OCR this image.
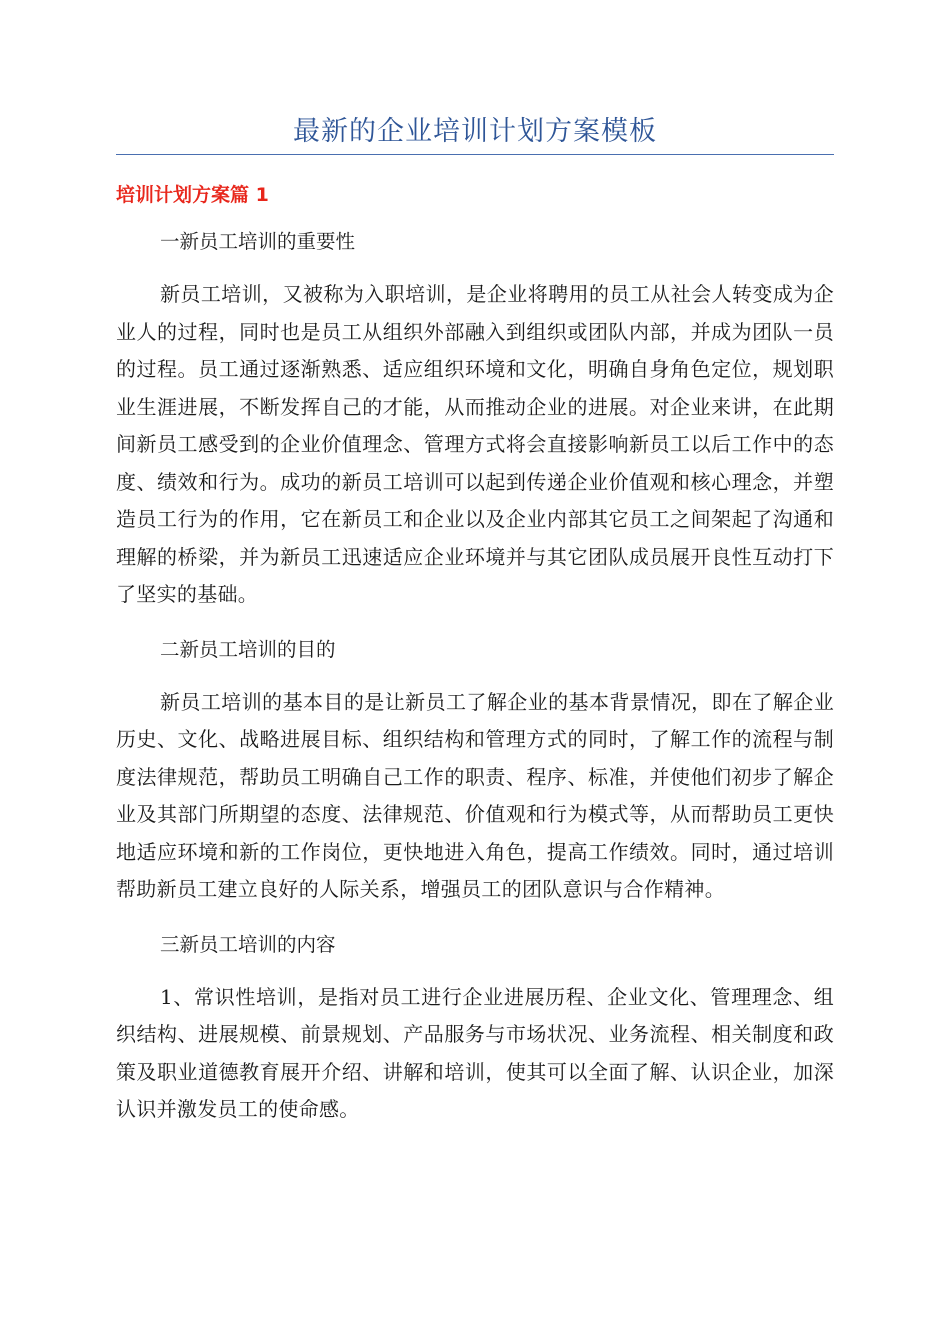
最新的企业培训计划方案模板
培训计划方案篇 1

一新员工培训的重要性

新员工培训，又被称为入职培训，是企业将聘用的员工从社会人转变成为企业人的过程，同时也是员工从组织外部融入到组织或团队内部，并成为团队一员的过程。员工通过逐渐熟悉、适应组织环境和文化，明确自身角色定位，规划职业生涯进展，不断发挥自己的才能，从而推动企业的进展。对企业来讲，在此期间新员工感受到的企业价值理念、管理方式将会直接影响新员工以后工作中的态度、绩效和行为。成功的新员工培训可以起到传递企业价值观和核心理念，并塑造员工行为的作用，它在新员工和企业以及企业内部其它员工之间架起了沟通和理解的桥梁，并为新员工迅速适应企业环境并与其它团队成员展开良性互动打下了坚实的基础。

二新员工培训的目的

新员工培训的基本目的是让新员工了解企业的基本背景情况，即在了解企业历史、文化、战略进展目标、组织结构和管理方式的同时，了解工作的流程与制度法律规范，帮助员工明确自己工作的职责、程序、标准，并使他们初步了解企业及其部门所期望的态度、法律规范、价值观和行为模式等，从而帮助员工更快地适应环境和新的工作岗位，更快地进入角色，提高工作绩效。同时，通过培训帮助新员工建立良好的人际关系，增强员工的团队意识与合作精神。

三新员工培训的内容

1、常识性培训，是指对员工进行企业进展历程、企业文化、管理理念、组织结构、进展规模、前景规划、产品服务与市场状况、业务流程、相关制度和政策及职业道德教育展开介绍、讲解和培训，使其可以全面了解、认识企业，加深认识并激发员工的使命感。
